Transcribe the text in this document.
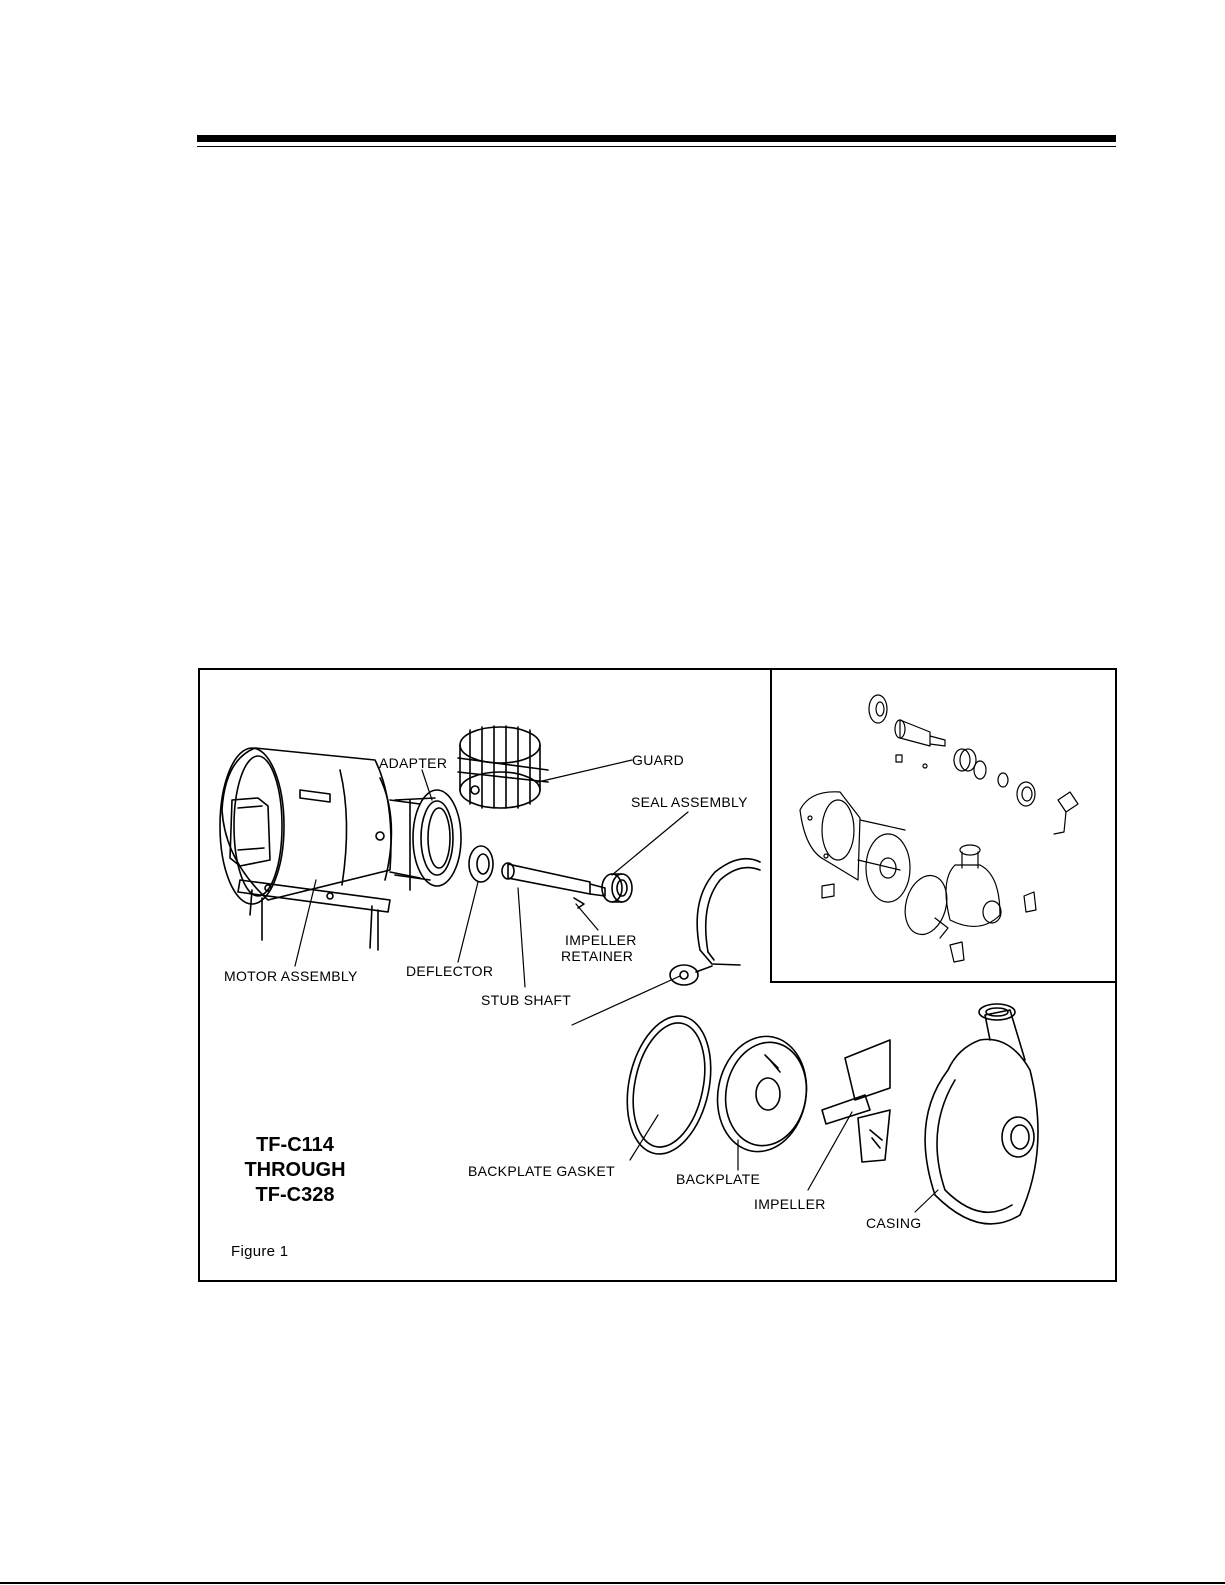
ADAPTER	GUARD
SEAL ASSEMBLY
MOTOR ASSEMBLY	DEFLECTOR
IMPELLER
RETAINER
STUB SHAFT
BACKPLATE GASKET	BACKPLATE
IMPELLER
CASING
TF-C114
THROUGH
TF-C328
Figure 1
